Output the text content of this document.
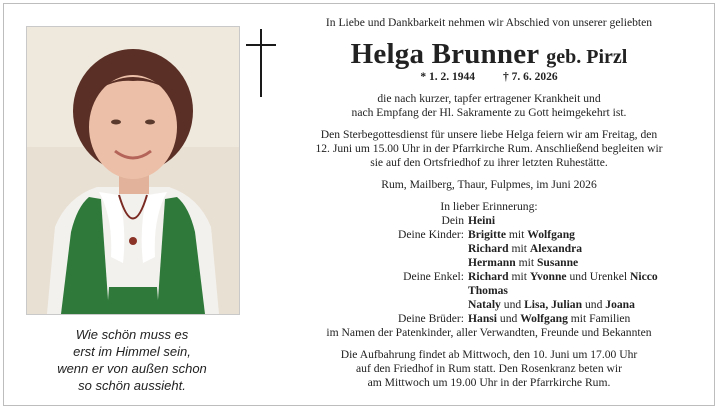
Wie schön muss es
erst im Himmel sein,
wenn er von außen schon
so schön aussieht.
In Liebe und Dankbarkeit nehmen wir Abschied von unserer geliebten
Helga Brunner geb. Pirzl
* 1. 2. 1944 † 7. 6. 2026
die nach kurzer, tapfer ertragener Krankheit und
nach Empfang der Hl. Sakramente zu Gott heimgekehrt ist.
Den Sterbegottesdienst für unsere liebe Helga feiern wir am Freitag, den
12. Juni um 15.00 Uhr in der Pfarrkirche Rum. Anschließend begleiten wir
sie auf den Ortsfriedhof zu ihrer letzten Ruhestätte.
Rum, Mailberg, Thaur, Fulpmes, im Juni 2026
In lieber Erinnerung:
Dein Heini
Deine Kinder: Brigitte mit Wolfgang
Richard mit Alexandra
Hermann mit Susanne
Deine Enkel: Richard mit Yvonne und Urenkel Nicco
Thomas
Nataly und Lisa, Julian und Joana
Deine Brüder: Hansi und Wolfgang mit Familien
im Namen der Patenkinder, aller Verwandten, Freunde und Bekannten
Die Aufbahrung findet ab Mittwoch, den 10. Juni um 17.00 Uhr
auf den Friedhof in Rum statt. Den Rosenkranz beten wir
am Mittwoch um 19.00 Uhr in der Pfarrkirche Rum.
